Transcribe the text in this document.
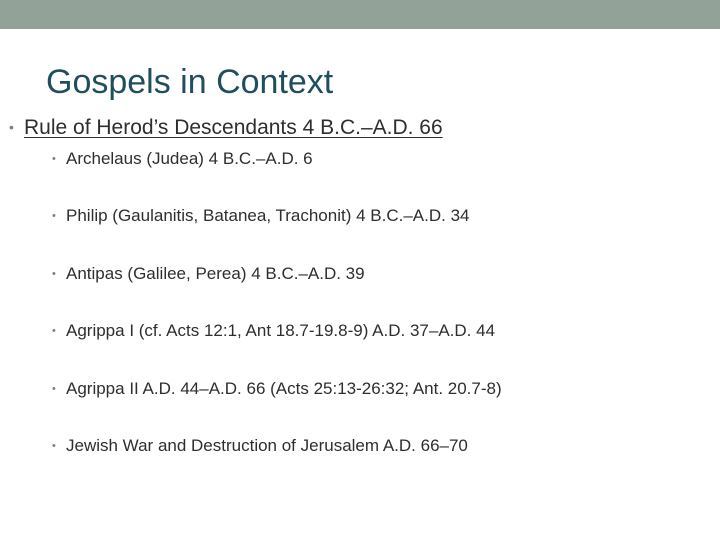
Gospels in Context
• Rule of Herod’s Descendants 4 B.C.–A.D. 66
• Archelaus (Judea) 4 B.C.–A.D. 6
• Philip (Gaulanitis, Batanea, Trachonit) 4 B.C.–A.D. 34
• Antipas (Galilee, Perea) 4 B.C.–A.D. 39
• Agrippa I (cf. Acts 12:1, Ant 18.7-19.8-9) A.D. 37–A.D. 44
• Agrippa II A.D. 44–A.D. 66 (Acts 25:13-26:32; Ant. 20.7-8)
• Jewish War and Destruction of Jerusalem A.D. 66–70
